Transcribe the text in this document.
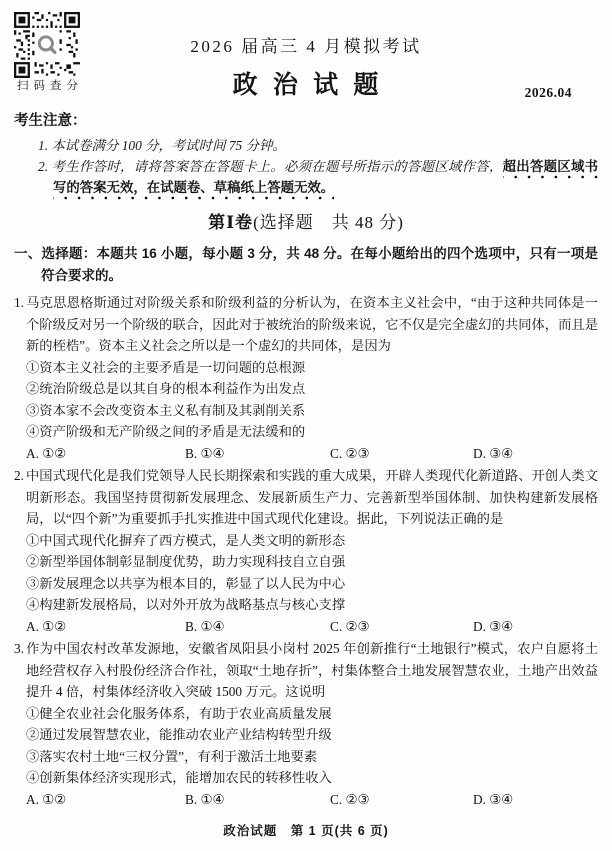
扫码查分
2026 届高三 4 月模拟考试
政 治 试 题	2026.04
考生注意：
1. 本试卷满分 100 分，考试时间 75 分钟。
2. 考生作答时，请将答案答在答题卡上。必须在题号所指示的答题区域作答，超出答题区域书写的答案无效，在试题卷、草稿纸上答题无效。
第Ⅰ卷(选择题　共 48 分)
一、选择题：本题共 16 小题，每小题 3 分，共 48 分。在每小题给出的四个选项中，只有一项是符合要求的。
1. 马克思恩格斯通过对阶级关系和阶级利益的分析认为，在资本主义社会中，“由于这种共同体是一个阶级反对另一个阶级的联合，因此对于被统治的阶级来说，它不仅是完全虚幻的共同体，而且是新的桎梏”。资本主义社会之所以是一个虚幻的共同体，是因为
①资本主义社会的主要矛盾是一切问题的总根源
②统治阶级总是以其自身的根本利益作为出发点
③资本家不会改变资本主义私有制及其剥削关系
④资产阶级和无产阶级之间的矛盾是无法缓和的
A. ①②	B. ①④	C. ②③	D. ③④
2. 中国式现代化是我们党领导人民长期探索和实践的重大成果，开辟人类现代化新道路、开创人类文明新形态。我国坚持贯彻新发展理念、发展新质生产力、完善新型举国体制、加快构建新发展格局，以“四个新”为重要抓手扎实推进中国式现代化建设。据此，下列说法正确的是
①中国式现代化摒弃了西方模式，是人类文明的新形态
②新型举国体制彰显制度优势，助力实现科技自立自强
③新发展理念以共享为根本目的，彰显了以人民为中心
④构建新发展格局，以对外开放为战略基点与核心支撑
A. ①②	B. ①④	C. ②③	D. ③④
3. 作为中国农村改革发源地，安徽省凤阳县小岗村 2025 年创新推行“土地银行”模式，农户自愿将土地经营权存入村股份经济合作社，领取“土地存折”，村集体整合土地发展智慧农业，土地产出效益提升 4 倍，村集体经济收入突破 1500 万元。这说明
①健全农业社会化服务体系，有助于农业高质量发展
②通过发展智慧农业，能推动农业产业结构转型升级
③落实农村土地“三权分置”，有利于激活土地要素
④创新集体经济实现形式，能增加农民的转移性收入
A. ①②	B. ①④	C. ②③	D. ③④
政治试题　第 1 页(共 6 页)
